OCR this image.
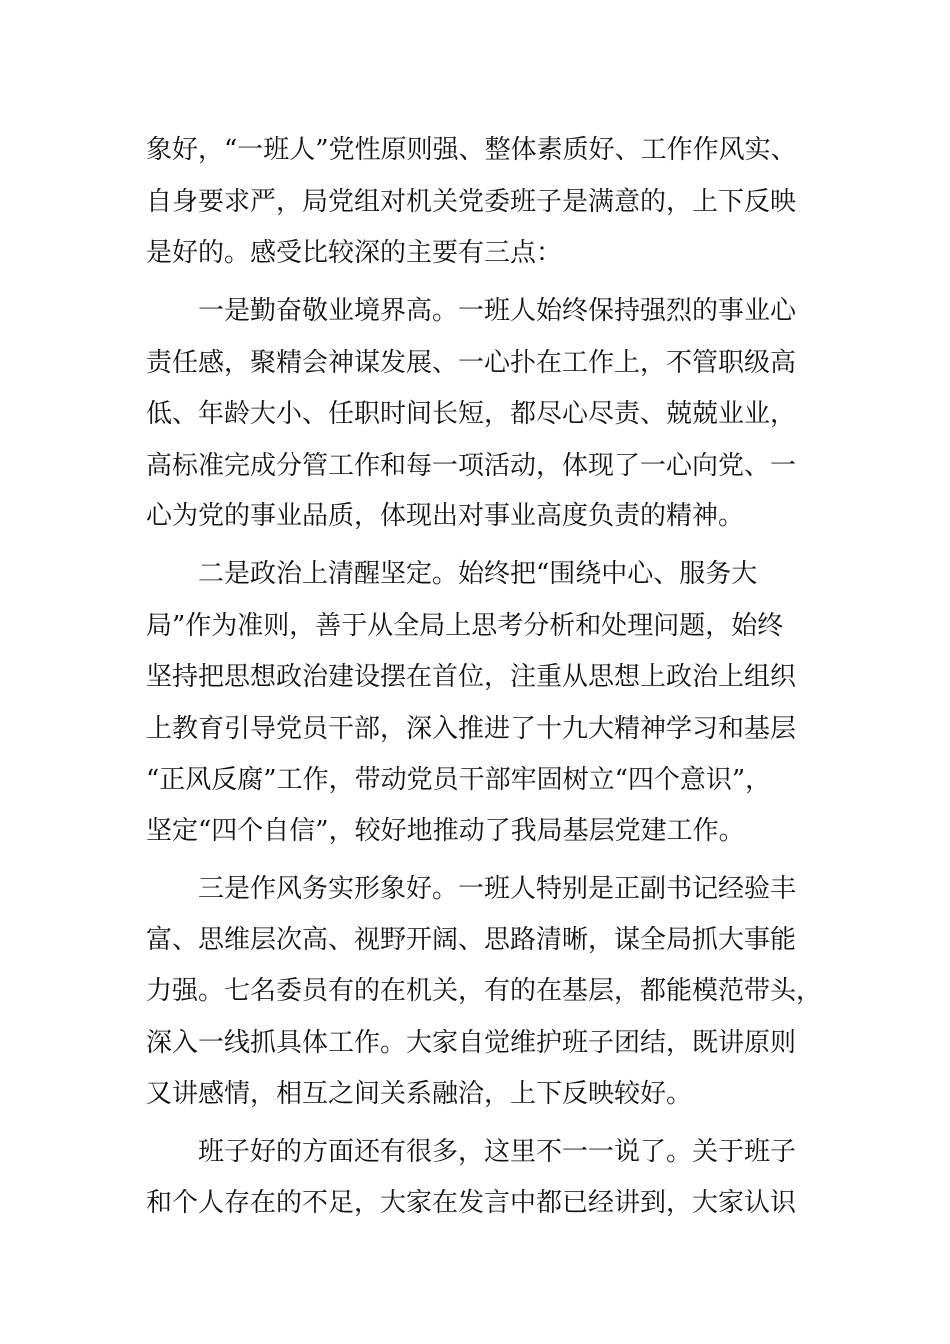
象好，“一班人”党性原则强、整体素质好、工作作风实、
自身要求严，局党组对机关党委班子是满意的，上下反映
是好的。感受比较深的主要有三点：
一是勤奋敬业境界高。一班人始终保持强烈的事业心
责任感，聚精会神谋发展、一心扑在工作上，不管职级高
低、年龄大小、任职时间长短，都尽心尽责、兢兢业业，
高标准完成分管工作和每一项活动，体现了一心向党、一
心为党的事业品质，体现出对事业高度负责的精神。
二是政治上清醒坚定。始终把“围绕中心、服务大
局”作为准则，善于从全局上思考分析和处理问题，始终
坚持把思想政治建设摆在首位，注重从思想上政治上组织
上教育引导党员干部，深入推进了十九大精神学习和基层
“正风反腐”工作，带动党员干部牢固树立“四个意识”，
坚定“四个自信”，较好地推动了我局基层党建工作。
三是作风务实形象好。一班人特别是正副书记经验丰
富、思维层次高、视野开阔、思路清晰，谋全局抓大事能
力强。七名委员有的在机关，有的在基层，都能模范带头，
深入一线抓具体工作。大家自觉维护班子团结，既讲原则
又讲感情，相互之间关系融洽，上下反映较好。
班子好的方面还有很多，这里不一一说了。关于班子
和个人存在的不足，大家在发言中都已经讲到，大家认识
